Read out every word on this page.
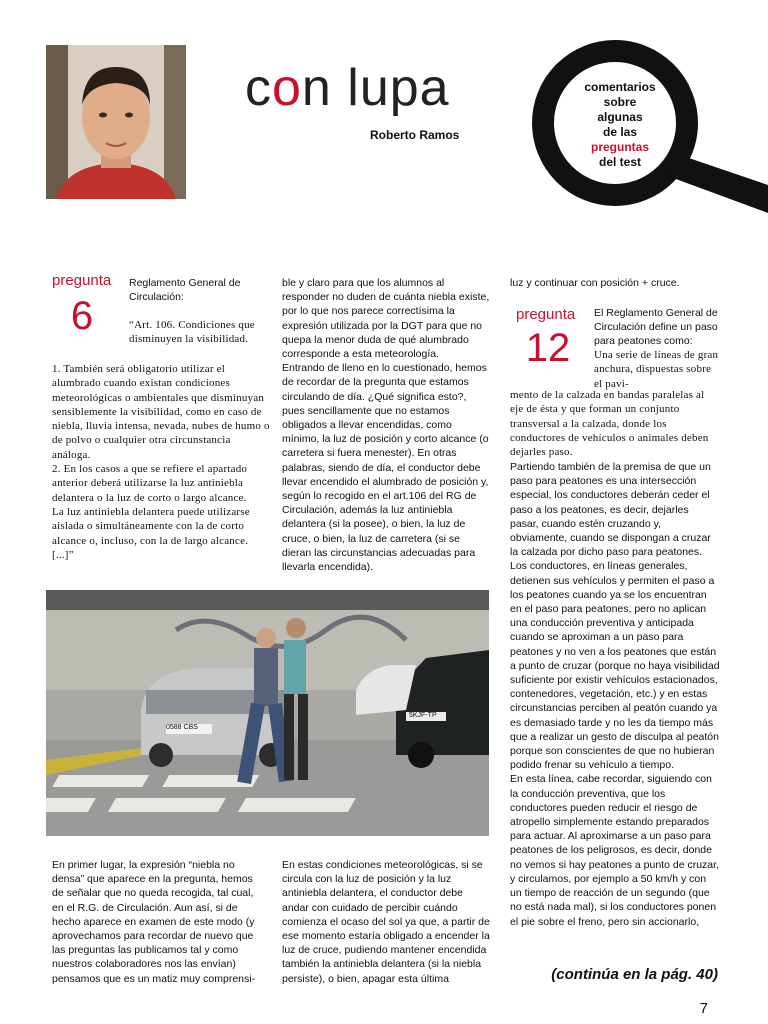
con lupa
Roberto Ramos
comentarios
sobre
algunas
de las
preguntas
del test
pregunta
6
Reglamento General de Circulación:
“Art. 106. Condiciones que disminuyen la visibilidad.
1. También será obligatorio utilizar el alumbrado cuando existan condiciones meteorológicas o ambientales que disminuyan sensiblemente la visibilidad, como en caso de niebla, lluvia intensa, nevada, nubes de humo o de polvo o cualquier otra circunstancia análoga.
2. En los casos a que se refiere el apartado anterior deberá utilizarse la luz antiniebla delantera o la luz de corto o largo alcance.
La luz antiniebla delantera puede utilizarse aislada o simultáneamente con la de corto alcance o, incluso, con la de largo alcance. [...]”
ble y claro para que los alumnos al responder no duden de cuánta niebla existe, por lo que nos parece correctísima la expresión utilizada por la DGT para que no quepa la menor duda de qué alumbrado corresponde a esta meteorología.
Entrando de lleno en lo cuestionado, hemos de recordar de la pregunta que estamos circulando de día. ¿Qué significa esto?, pues sencillamente que no estamos obligados a llevar encendidas, como mínimo, la luz de posición y corto alcance (o carretera si fuera menester). En otras palabras, siendo de día, el conductor debe llevar encendido el alumbrado de posición y, según lo recogido en el art.106 del RG de Circulación, además la luz antiniebla delantera (si la posee), o bien, la luz de cruce, o bien, la luz de carretera (si se dieran las circunstancias adecuadas para llevarla encendida).
0588 CBS
5KJF-TP
En primer lugar, la expresión “niebla no densa” que aparece en la pregunta, hemos de señalar que no queda recogida, tal cual, en el R.G. de Circulación. Aun así, si de hecho aparece en examen de este modo (y aprovechamos para recordar de nuevo que las preguntas las publicamos tal y como nuestros colaboradores nos las envían) pensamos que es un matiz muy comprensi-
En estas condiciones meteorológicas, si se circula con la luz de posición y la luz antiniebla delantera, el conductor debe andar con cuidado de percibir cuándo comienza el ocaso del sol ya que, a partir de ese momento estaría obligado a encender la luz de cruce, pudiendo mantener encendida también la antiniebla delantera (si la niebla persiste), o bien, apagar esta última
luz y continuar con posición + cruce.
pregunta
12
El Reglamento General de Circulación define un paso para peatones como:
Una serie de líneas de gran anchura, dispuestas sobre el pavi-
mento de la calzada en bandas paralelas al eje de ésta y que forman un conjunto transversal a la calzada, donde los conductores de vehículos o animales deben dejarles paso.
Partiendo también de la premisa de que un paso para peatones es una intersección especial, los conductores deberán ceder el paso a los peatones, es decir, dejarles pasar, cuando estén cruzando y, obviamente, cuando se dispongan a cruzar la calzada por dicho paso para peatones.
Los conductores, en líneas generales, detienen sus vehículos y permiten el paso a los peatones cuando ya se los encuentran en el paso para peatones, pero no aplican una conducción preventiva y anticipada cuando se aproximan a un paso para peatones y no ven a los peatones que están a punto de cruzar (porque no haya visibilidad suficiente por existir vehículos estacionados, contenedores, vegetación, etc.) y en estas circunstancias perciben al peatón cuando ya es demasiado tarde y no les da tiempo más que a realizar un gesto de disculpa al peatón porque son conscientes de que no hubieran podido frenar su vehículo a tiempo.
En esta línea, cabe recordar, siguiendo con la conducción preventiva, que los conductores pueden reducir el riesgo de atropello simplemente estando preparados para actuar. Al aproximarse a un paso para peatones de los peligrosos, es decir, donde no vemos si hay peatones a punto de cruzar, y circulamos, por ejemplo a 50 km/h y con un tiempo de reacción de un segundo (que no está nada mal), si los conductores ponen el pie sobre el freno, pero sin accionarlo,
(continúa en la pág. 40)
7
